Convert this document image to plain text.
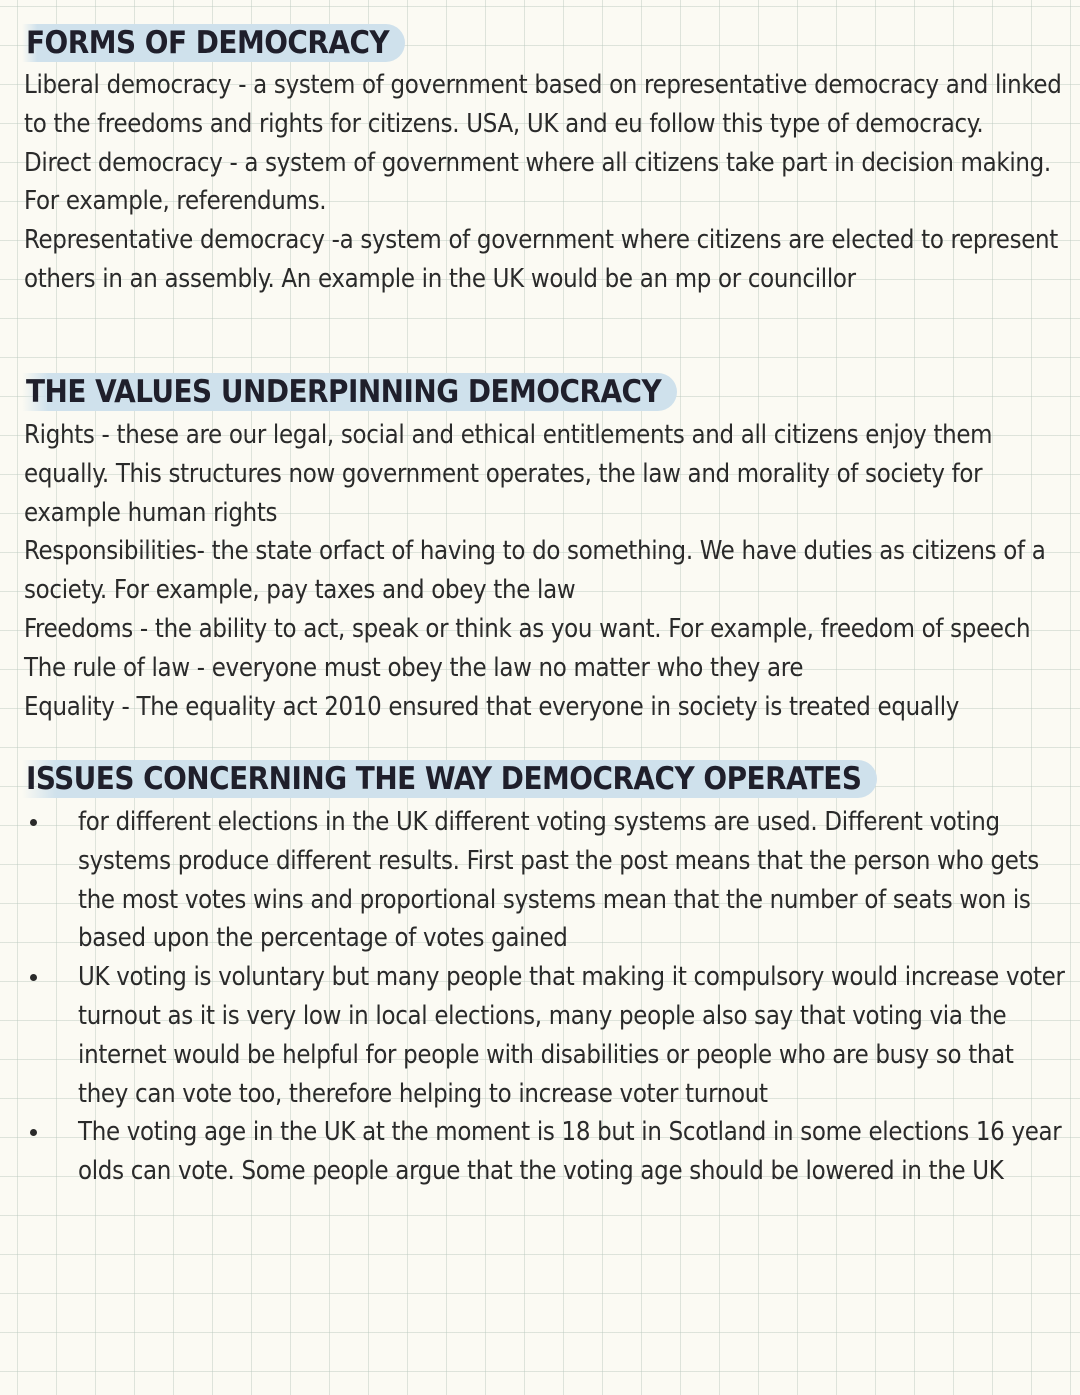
FORMS OF DEMOCRACY

Liberal democracy - a system of government based on representative democracy and linked to the freedoms and rights for citizens. USA, UK and eu follow this type of democracy.

Direct democracy - a system of government where all citizens take part in decision making. For example, referendums.

Representative democracy -a system of government where citizens are elected to represent others in an assembly. An example in the UK would be an mp or councillor

THE VALUES UNDERPINNING DEMOCRACY

Rights - these are our legal, social and ethical entitlements and all citizens enjoy them equally. This structures now government operates, the law and morality of society for example human rights

Responsibilities- the state orfact of having to do something. We have duties as citizens of a society. For example, pay taxes and obey the law

Freedoms - the ability to act, speak or think as you want. For example, freedom of speech

The rule of law - everyone must obey the law no matter who they are

Equality - The equality act 2010 ensured that everyone in society is treated equally

ISSUES CONCERNING THE WAY DEMOCRACY OPERATES
for different elections in the UK different voting systems are used. Different voting systems produce different results. First past the post means that the person who gets the most votes wins and proportional systems mean that the number of seats won is based upon the percentage of votes gained
UK voting is voluntary but many people that making it compulsory would increase voter turnout as it is very low in local elections, many people also say that voting via the internet would be helpful for people with disabilities or people who are busy so that they can vote too, therefore helping to increase voter turnout
The voting age in the UK at the moment is 18 but in Scotland in some elections 16 year olds can vote. Some people argue that the voting age should be lowered in the UK
